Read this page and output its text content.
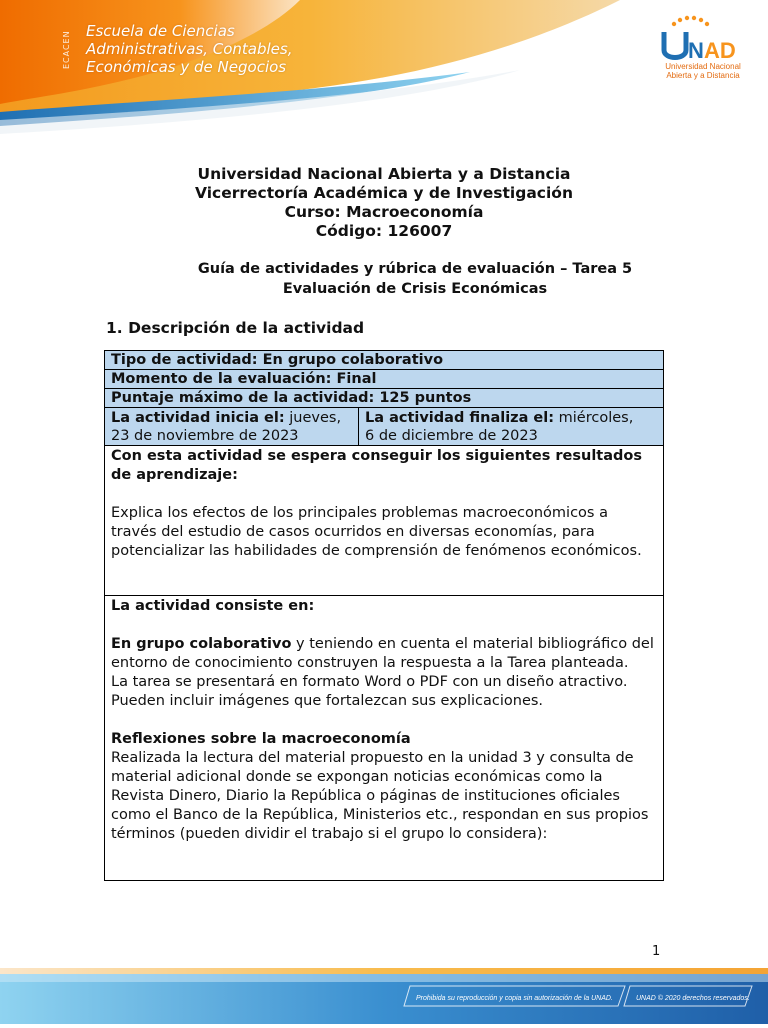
ECACEN	Escuela de Ciencias
Administrativas, Contables,
Económicas y de Negocios
N AD
Universidad Nacional
Abierta y a Distancia
Universidad Nacional Abierta y a Distancia
Vicerrectoría Académica y de Investigación
Curso: Macroeconomía
Código: 126007
Guía de actividades y rúbrica de evaluación – Tarea 5
Evaluación de Crisis Económicas
1. Descripción de la actividad
Tipo de actividad: En grupo colaborativo
Momento de la evaluación: Final
Puntaje máximo de la actividad: 125 puntos
La actividad inicia el: jueves,
23 de noviembre de 2023
La actividad finaliza el: miércoles,
6 de diciembre de 2023

Con esta actividad se espera conseguir los siguientes resultados de aprendizaje:

Explica los efectos de los principales problemas macroeconómicos a través del estudio de casos ocurridos en diversas economías, para potencializar las habilidades de comprensión de fenómenos económicos.

La actividad consiste en:

En grupo colaborativo y teniendo en cuenta el material bibliográfico del entorno de conocimiento construyen la respuesta a la Tarea planteada.

La tarea se presentará en formato Word o PDF con un diseño atractivo. Pueden incluir imágenes que fortalezcan sus explicaciones.

Reflexiones sobre la macroeconomía

Realizada la lectura del material propuesto en la unidad 3 y consulta de material adicional donde se expongan noticias económicas como la Revista Dinero, Diario la República o páginas de instituciones oficiales como el Banco de la República, Ministerios etc., respondan en sus propios términos (pueden dividir el trabajo si el grupo lo considera):

1
Prohibida su reproducción y copia sin autorización de la UNAD.	UNAD © 2020 derechos reservados.
